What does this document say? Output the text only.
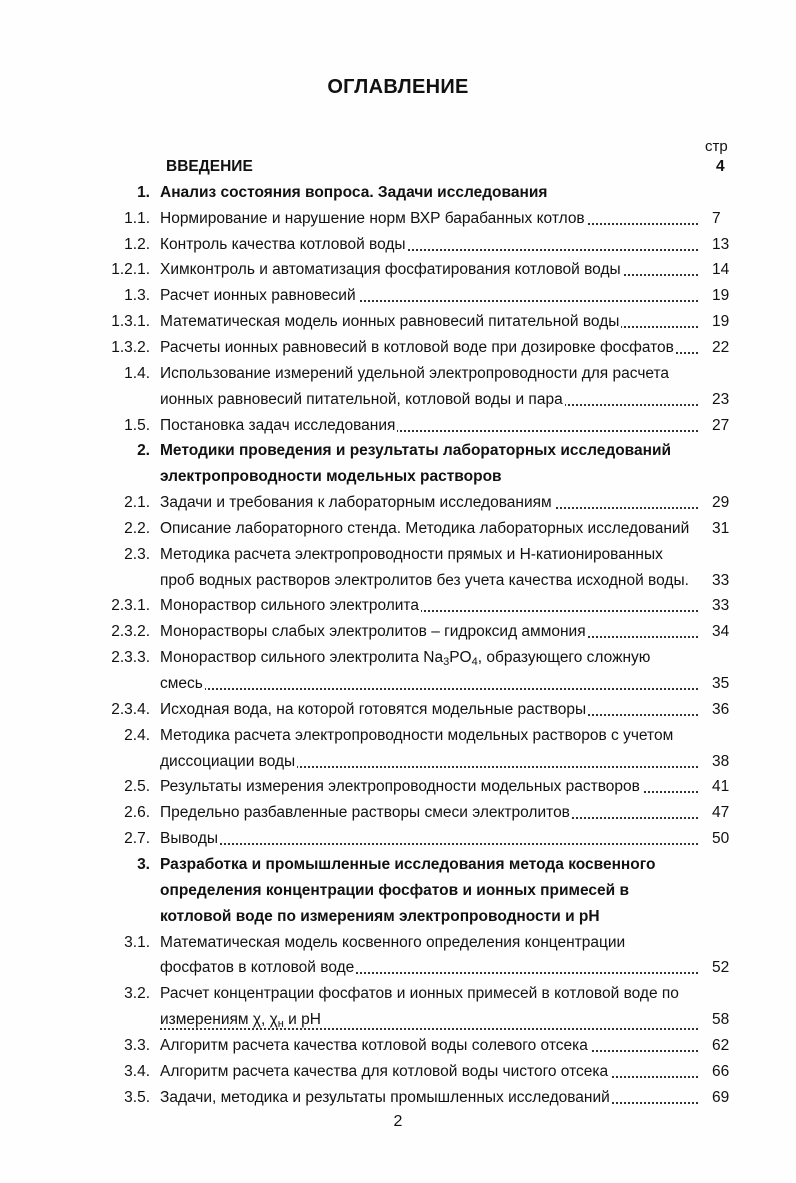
ОГЛАВЛЕНИЕ
стр
ВВЕДЕНИЕ	4
1. Анализ состояния вопроса. Задачи исследования
1.1. Нормирование и нарушение норм ВХР барабанных котлов	7
1.2. Контроль качества котловой воды	13
1.2.1. Химконтроль и автоматизация фосфатирования котловой воды	14
1.3. Расчет ионных равновесий	19
1.3.1. Математическая модель ионных равновесий питательной воды	19
1.3.2. Расчеты ионных равновесий в котловой воде при дозировке фосфатов	22
1.4. Использование измерений удельной электропроводности для расчета
ионных равновесий питательной, котловой воды и пара	23
1.5. Постановка задач исследования	27
2. Методики проведения и результаты лабораторных исследований
электропроводности модельных растворов
2.1. Задачи и требования к лабораторным исследованиям	29
2.2. Описание лабораторного стенда. Методика лабораторных исследований	31
2.3. Методика расчета электропроводности прямых и Н-катионированных
проб водных растворов электролитов без учета качества исходной воды.	33
2.3.1. Монораствор сильного электролита	33
2.3.2. Монорастворы слабых электролитов – гидроксид аммония	34
2.3.3. Монораствор сильного электролита $Na_3PO_4$, образующего сложную
смесь	35
2.3.4. Исходная вода, на которой готовятся модельные растворы	36
2.4. Методика расчета электропроводности модельных растворов с учетом
диссоциации воды	38
2.5. Результаты измерения электропроводности модельных растворов	41
2.6. Предельно разбавленные растворы смеси электролитов	47
2.7. Выводы	50
3. Разработка и промышленные исследования метода косвенного
определения концентрации фосфатов и ионных примесей в
котловой воде по измерениям электропроводности и pH
3.1. Математическая модель косвенного определения концентрации
фосфатов в котловой воде	52
3.2. Расчет концентрации фосфатов и ионных примесей в котловой воде по
измерениям χ, $\chi_н$ и pH	58
3.3. Алгоритм расчета качества котловой воды солевого отсека	62
3.4. Алгоритм расчета качества для котловой воды чистого отсека	66
3.5. Задачи, методика и результаты промышленных исследований	69
2
